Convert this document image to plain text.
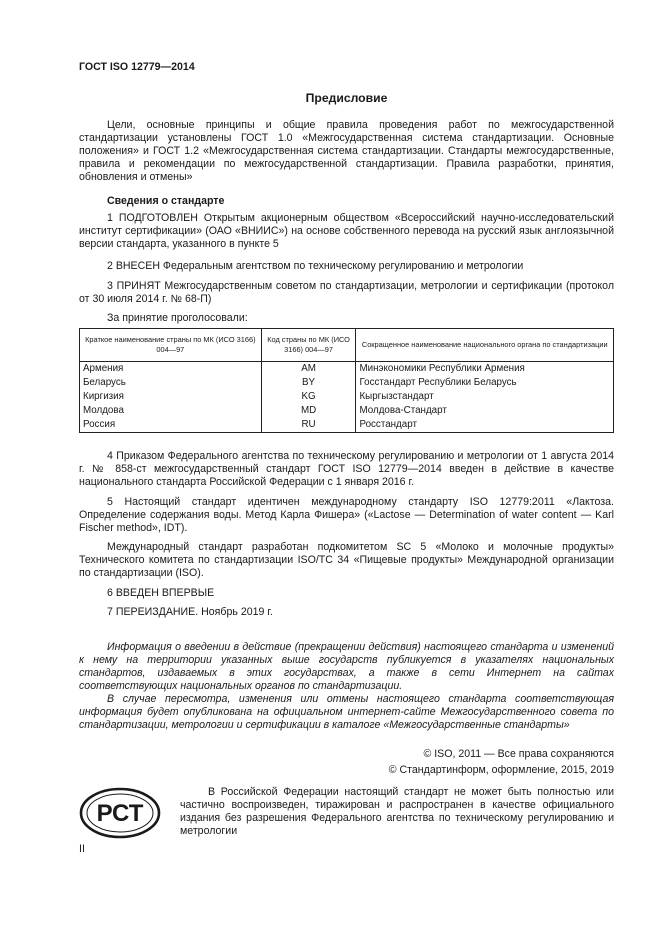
ГОСТ ISO 12779—2014
Предисловие
Цели, основные принципы и общие правила проведения работ по межгосударственной стандартизации установлены ГОСТ 1.0 «Межгосударственная система стандартизации. Основные положения» и ГОСТ 1.2 «Межгосударственная система стандартизации. Стандарты межгосударственные, правила и рекомендации по межгосударственной стандартизации. Правила разработки, принятия, обновления и отмены»
Сведения о стандарте
1 ПОДГОТОВЛЕН Открытым акционерным обществом «Всероссийский научно-исследовательский институт сертификации» (ОАО «ВНИИС») на основе собственного перевода на русский язык англоязычной версии стандарта, указанного в пункте 5
2 ВНЕСЕН Федеральным агентством по техническому регулированию и метрологии
3 ПРИНЯТ Межгосударственным советом по стандартизации, метрологии и сертификации (протокол от 30 июля 2014 г. № 68-П)
За принятие проголосовали:
Краткое наименование страны по МК (ИСО 3166) 004—97	Код страны по МК (ИСО 3166) 004—97	Сокращенное наименование национального органа по стандартизации
Армения	AM	Минэкономики Республики Армения
Беларусь	BY	Госстандарт Республики Беларусь
Киргизия	KG	Кыргызстандарт
Молдова	MD	Молдова-Стандарт
Россия	RU	Росстандарт
4 Приказом Федерального агентства по техническому регулированию и метрологии от 1 августа 2014 г. № 858-ст межгосударственный стандарт ГОСТ ISO 12779—2014 введен в действие в качестве национального стандарта Российской Федерации с 1 января 2016 г.
5 Настоящий стандарт идентичен международному стандарту ISO 12779:2011 «Лактоза. Определение содержания воды. Метод Карла Фишера» («Lactose — Determination of water content — Karl Fischer method», IDT).
Международный стандарт разработан подкомитетом SC 5 «Молоко и молочные продукты» Технического комитета по стандартизации ISO/TC 34 «Пищевые продукты» Международной организации по стандартизации (ISO).
6 ВВЕДЕН ВПЕРВЫЕ
7 ПЕРЕИЗДАНИЕ. Ноябрь 2019 г.
Информация о введении в действие (прекращении действия) настоящего стандарта и изменений к нему на территории указанных выше государств публикуется в указателях национальных стандартов, издаваемых в этих государствах, а также в сети Интернет на сайтах соответствующих национальных органов по стандартизации.
В случае пересмотра, изменения или отмены настоящего стандарта соответствующая информация будет опубликована на официальном интернет-сайте Межгосударственного совета по стандартизации, метрологии и сертификации в каталоге «Межгосударственные стандарты»
© ISO, 2011 — Все права сохраняются
© Стандартинформ, оформление, 2015, 2019
РСТ
В Российской Федерации настоящий стандарт не может быть полностью или частично воспроизведен, тиражирован и распространен в качестве официального издания без разрешения Федерального агентства по техническому регулированию и метрологии
II
